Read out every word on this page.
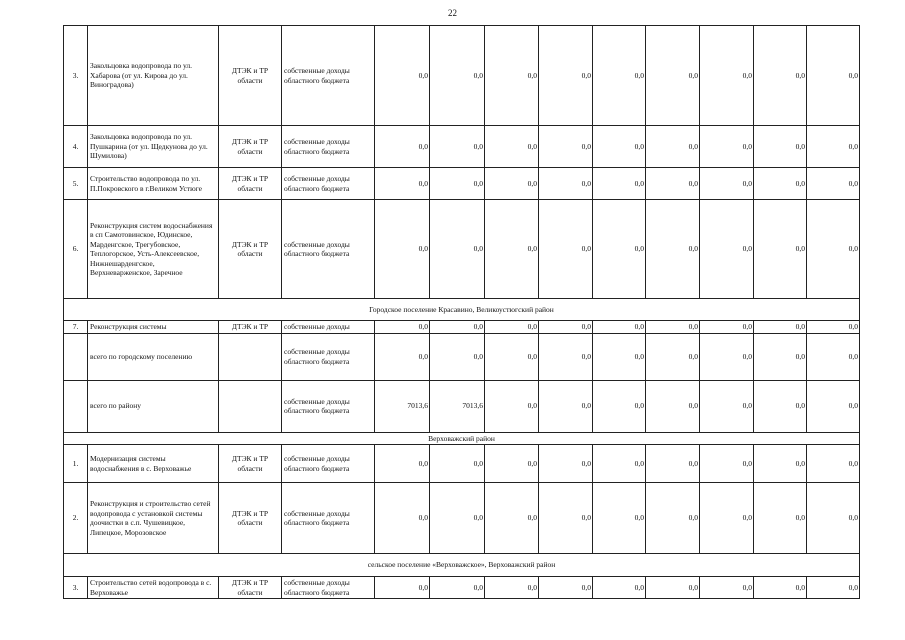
22
3.	Закольцовка водопровода по ул. Хабарова (от ул. Кирова до ул. Виноградова)	ДТЭК и ТР области	собственные доходы областного бюджета	0,0	0,0	0,0	0,0	0,0	0,0	0,0	0,0	0,0
4.	Закольцовка водопровода по ул. Пушкарина (от ул. Щедкунова до ул. Шумилова)	ДТЭК и ТР области	собственные доходы областного бюджета	0,0	0,0	0,0	0,0	0,0	0,0	0,0	0,0	0,0
5.	Строительство водопровода по ул. П.Покровского в г.Великом Устюге	ДТЭК и ТР области	собственные доходы областного бюджета	0,0	0,0	0,0	0,0	0,0	0,0	0,0	0,0	0,0
6.	Реконструкция систем водоснабжения в сп Самотовинское, Юдинское, Марденгское, Трегубовское, Теплогорское, Усть-Алексеевское, Нижнешарденгское, Верхневарженское, Заречное	ДТЭК и ТР области	собственные доходы областного бюджета	0,0	0,0	0,0	0,0	0,0	0,0	0,0	0,0	0,0
Городское поселение Красавино, Великоустюгский район												
7.	Реконструкция системы	ДТЭК и ТР	собственные доходы	0,0	0,0	0,0	0,0	0,0	0,0	0,0	0,0	0,0
	всего по городскому поселению		собственные доходы областного бюджета	0,0	0,0	0,0	0,0	0,0	0,0	0,0	0,0	0,0
	всего по району		собственные доходы областного бюджета	7013,6	7013,6	0,0	0,0	0,0	0,0	0,0	0,0	0,0
Верховажский район												
1.	Модернизация системы водоснабжения в с. Верховажье	ДТЭК и ТР области	собственные доходы областного бюджета	0,0	0,0	0,0	0,0	0,0	0,0	0,0	0,0	0,0
2.	Реконструкция и строительство сетей водопровода с установкой системы доочистки в с.п. Чушевицкое, Липецкое, Морозовское	ДТЭК и ТР области	собственные доходы областного бюджета	0,0	0,0	0,0	0,0	0,0	0,0	0,0	0,0	0,0
сельское поселение «Верховажское», Верховажский район												
3.	Строительство сетей водопровода в с. Верховажье	ДТЭК и ТР области	собственные доходы областного бюджета	0,0	0,0	0,0	0,0	0,0	0,0	0,0	0,0	0,0
